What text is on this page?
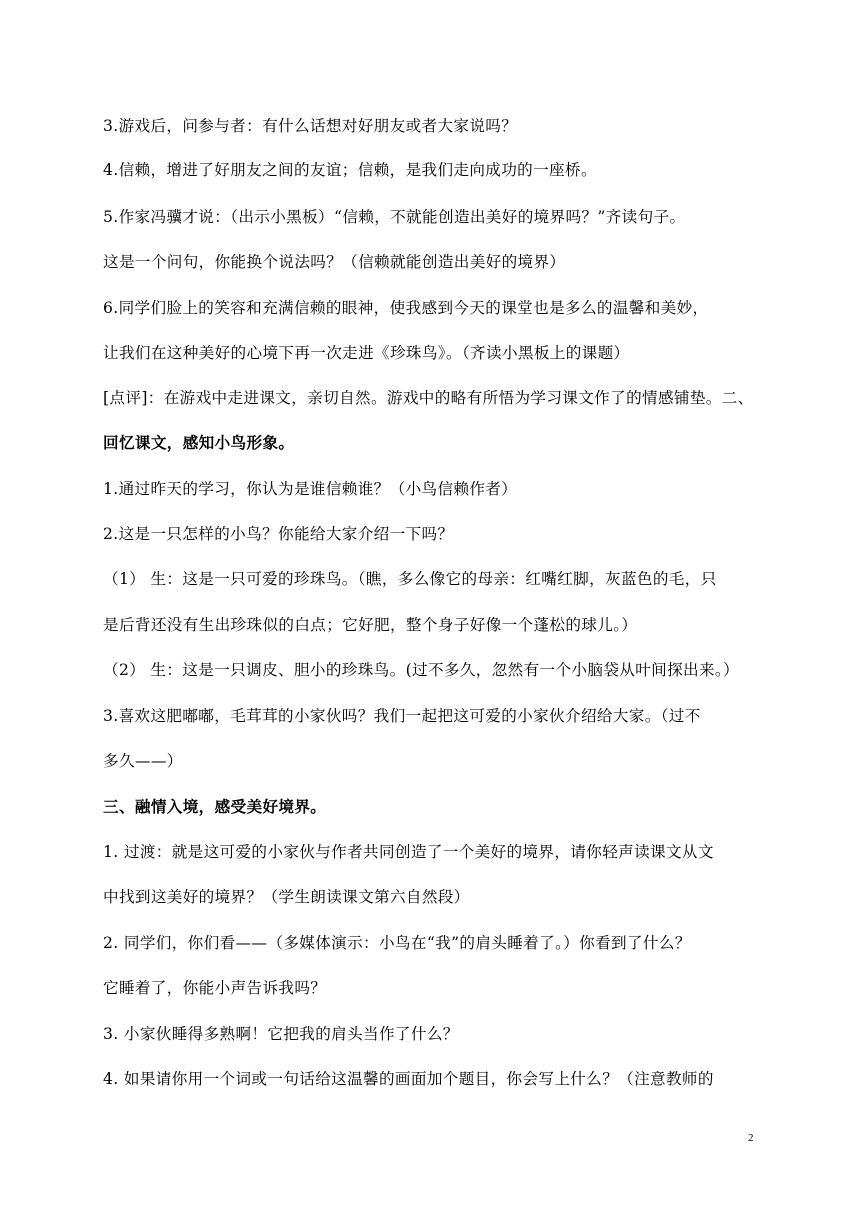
3.游戏后，问参与者：有什么话想对好朋友或者大家说吗？
4.信赖，增进了好朋友之间的友谊；信赖，是我们走向成功的一座桥。
5.作家冯骥才说：（出示小黑板）“信赖，不就能创造出美好的境界吗？”齐读句子。
这是一个问句，你能换个说法吗？（信赖就能创造出美好的境界）
6.同学们脸上的笑容和充满信赖的眼神，使我感到今天的课堂也是多么的温馨和美妙，
让我们在这种美好的心境下再一次走进《珍珠鸟》。（齐读小黑板上的课题）
[点评]：在游戏中走进课文，亲切自然。游戏中的略有所悟为学习课文作了的情感铺垫。二、
回忆课文，感知小鸟形象。
1.通过昨天的学习，你认为是谁信赖谁？（小鸟信赖作者）
2.这是一只怎样的小鸟？你能给大家介绍一下吗？
（1） 生：这是一只可爱的珍珠鸟。（瞧，多么像它的母亲：红嘴红脚，灰蓝色的毛，只
是后背还没有生出珍珠似的白点；它好肥，整个身子好像一个蓬松的球儿。）
（2） 生：这是一只调皮、胆小的珍珠鸟。(过不多久，忽然有一个小脑袋从叶间探出来。）
3.喜欢这肥嘟嘟，毛茸茸的小家伙吗？我们一起把这可爱的小家伙介绍给大家。（过不
多久——）
三、融情入境，感受美好境界。
1. 过渡：就是这可爱的小家伙与作者共同创造了一个美好的境界，请你轻声读课文从文
中找到这美好的境界？（学生朗读课文第六自然段）
2. 同学们，你们看——（多媒体演示：小鸟在“我”的肩头睡着了。）你看到了什么？
它睡着了，你能小声告诉我吗？
3. 小家伙睡得多熟啊！它把我的肩头当作了什么？
4. 如果请你用一个词或一句话给这温馨的画面加个题目，你会写上什么？（注意教师的
2
